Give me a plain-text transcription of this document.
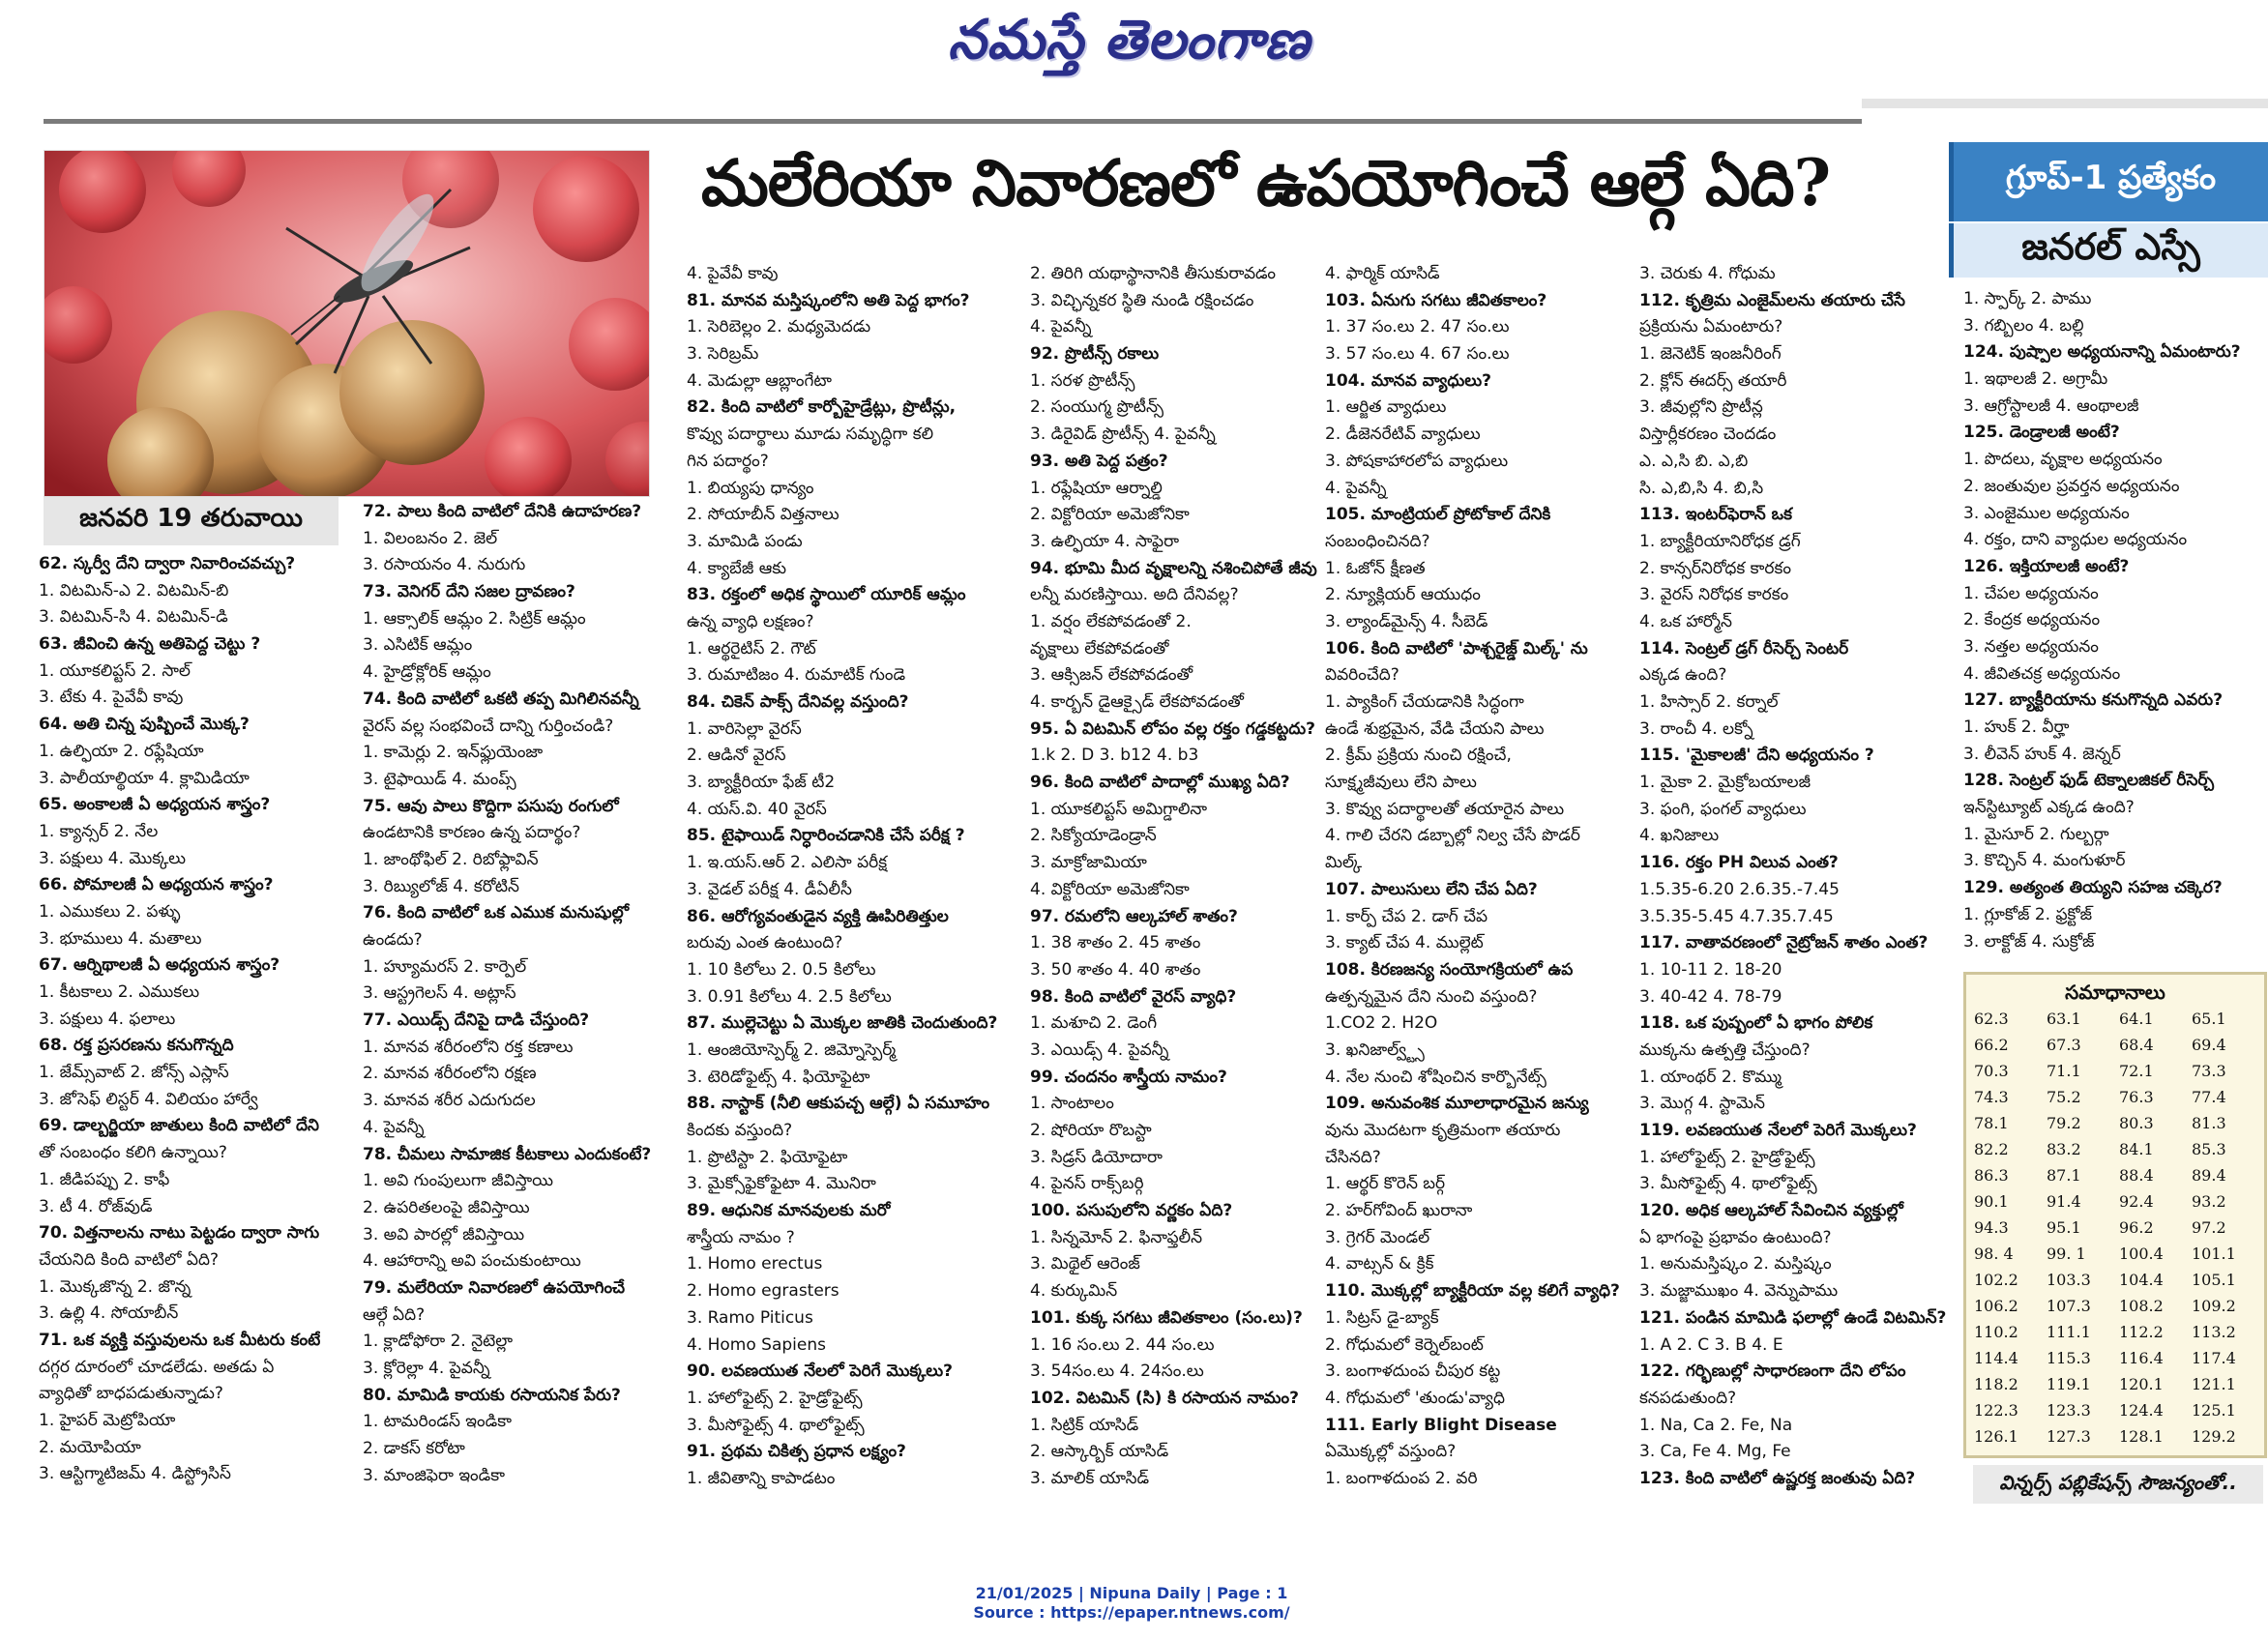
నమస్తే తెలంగాణ
మలేరియా నివారణలో ఉపయోగించే ఆల్గే ఏది?	గ్రూప్-1 ప్రత్యేకం
జనరల్ ఎస్సే
జనవరి 19 తరువాయి
62. స్కర్వీ దేని ద్వారా నివారించవచ్చు?
1. విటమిన్-ఎ 2. విటమిన్-బి
3. విటమిన్-సి 4. విటమిన్-డి
63. జీవించి ఉన్న అతిపెద్ద చెట్టు ?
1. యూకలిప్టస్ 2. సాల్
3. టేకు 4. పైవేవీ కావు
64. అతి చిన్న పుష్పించే మొక్క?
1. ఉల్ఫియా 2. రఫ్లేషియా
3. పాలీయాల్థియా 4. క్లామిడియా
65. అంకాలజీ ఏ అధ్యయన శాస్త్రం?
1. క్యాన్సర్ 2. నేల
3. పక్షులు 4. మొక్కలు
66. పోమాలజీ ఏ అధ్యయన శాస్త్రం?
1. ఎముకలు 2. పళ్ళు
3. భూములు 4. మతాలు
67. ఆర్నిథాలజీ ఏ అధ్యయన శాస్త్రం?
1. కీటకాలు 2. ఎముకలు
3. పక్షులు 4. ఫలాలు
68. రక్త ప్రసరణను కనుగొన్నది
1. జేమ్స్‌వాట్ 2. జోన్స్ ఎస్లాస్
3. జోసెఫ్ లిస్టర్ 4. విలియం హార్వే
69. డాల్బర్జియా జాతులు కింది వాటిలో దేని
తో సంబంధం కలిగి ఉన్నాయి?
1. జీడిపప్పు 2. కాఫీ
3. టీ 4. రోజ్‌వుడ్
70. విత్తనాలను నాటు పెట్టడం ద్వారా సాగు
చేయనిది కింది వాటిలో ఏది?
1. మొక్కజొన్న 2. జొన్న
3. ఉల్లి 4. సోయాబీన్
71. ఒక వ్యక్తి వస్తువులను ఒక మీటరు కంటే
దగ్గర దూరంలో చూడలేడు. అతడు ఏ
వ్యాధితో బాధపడుతున్నాడు?
1. హైపర్ మెట్రోపియా
2. మయోపియా
3. ఆస్టిగ్మాటిజమ్ 4. డిస్ట్రోసిస్
72. పాలు కింది వాటిలో దేనికి ఉదాహరణ?
1. విలంబనం 2. జెల్
3. రసాయనం 4. నురుగు
73. వెనిగర్ దేని సజల ద్రావణం?
1. ఆక్సాలిక్ ఆమ్లం 2. సిట్రిక్ ఆమ్లం
3. ఎసిటిక్ ఆమ్లం
4. హైడ్రోక్లోరిక్ ఆమ్లం
74. కింది వాటిలో ఒకటి తప్ప మిగిలినవన్నీ
వైరస్ వల్ల సంభవించే దాన్ని గుర్తించండి?
1. కామెర్లు 2. ఇన్‌ఫ్లుయెంజా
3. టైఫాయిడ్ 4. మంప్స్
75. ఆవు పాలు కొద్దిగా పసుపు రంగులో
ఉండటానికి కారణం ఉన్న పదార్థం?
1. జాంథోఫిల్ 2. రిబోఫ్లావిన్
3. రిబ్యులోజ్ 4. కరోటిన్
76. కింది వాటిలో ఒక ఎముక మనుషుల్లో
ఉండదు?
1. హ్యూమరస్ 2. కార్పెల్
3. ఆస్ట్రగెలస్ 4. అట్లాస్
77. ఎయిడ్స్ దేనిపై దాడి చేస్తుంది?
1. మానవ శరీరంలోని రక్త కణాలు
2. మానవ శరీరంలోని రక్షణ
3. మానవ శరీర ఎదుగుదల
4. పైవన్నీ
78. చీమలు సామాజిక కీటకాలు ఎందుకంటే?
1. అవి గుంపులుగా జీవిస్తాయి
2. ఉపరితలంపై జీవిస్తాయి
3. అవి పారల్లో జీవిస్తాయి
4. ఆహారాన్ని అవి పంచుకుంటాయి
79. మలేరియా నివారణలో ఉపయోగించే
ఆల్గే ఏది?
1. క్లాడోఫోరా 2. నైటెల్లా
3. క్లోరెల్లా 4. పైవన్నీ
80. మామిడి కాయకు రసాయనిక పేరు?
1. టామరిండస్ ఇండికా
2. డాకస్ కరోటా
3. మాంజిఫెరా ఇండికా
4. పైవేవీ కావు
81. మానవ మస్తిష్కంలోని అతి పెద్ద భాగం?
1. సెరిబెల్లం 2. మధ్యమెదడు
3. సెరిబ్రమ్
4. మెడుల్లా ఆబ్లాంగేటా
82. కింది వాటిలో కార్బోహైడ్రేట్లు, ప్రొటీన్లు,
కొవ్వు పదార్థాలు మూడు సమృద్ధిగా కలి
గిన పదార్థం?
1. బియ్యపు ధాన్యం
2. సోయాబీన్ విత్తనాలు
3. మామిడి పండు
4. క్యాబేజీ ఆకు
83. రక్తంలో అధిక స్థాయిలో యూరిక్ ఆమ్లం
ఉన్న వ్యాధి లక్షణం?
1. ఆర్థరైటిస్ 2. గౌట్
3. రుమాటిజం 4. రుమాటిక్ గుండె
84. చికెన్ పాక్స్ దేనివల్ల వస్తుంది?
1. వారిసెల్లా వైరస్
2. ఆడినో వైరస్
3. బ్యాక్టీరియా ఫేజ్ టీ2
4. యస్.వి. 40 వైరస్
85. టైఫాయిడ్ నిర్ధారించడానికి చేసే పరీక్ష ?
1. ఇ.యస్.ఆర్ 2. ఎలిసా పరీక్ష
3. వైడల్ పరీక్ష 4. డీఏలీసీ
86. ఆరోగ్యవంతుడైన వ్యక్తి ఊపిరితిత్తుల
బరువు ఎంత ఉంటుంది?
1. 10 కిలోలు 2. 0.5 కిలోలు
3. 0.91 కిలోలు 4. 2.5 కిలోలు
87. ముల్లెచెట్టు ఏ మొక్కల జాతికి చెందుతుంది?
1. ఆంజియోస్పెర్మ్ 2. జిమ్నోస్పెర్మ్
3. టెరిడోఫైట్స్ 4. ఫియోఫైటా
88. నాస్టాక్ (నీలి ఆకుపచ్చ ఆల్గే) ఏ సమూహం
కిందకు వస్తుంది?
1. ప్రొటిస్టా 2. ఫియోఫైటా
3. మైక్సోఫైకోఫైటా 4. మొనిరా
89. ఆధునిక మానవులకు మరో
శాస్త్రీయ నామం ?
1. Homo erectus
2. Homo egrasters
3. Ramo Piticus
4. Homo Sapiens
90. లవణయుత నేలలో పెరిగే మొక్కలు?
1. హాలోఫైట్స్ 2. హైడ్రోఫైట్స్
3. మీసోఫైట్స్ 4. థాలోఫైట్స్
91. ప్రథమ చికిత్స ప్రధాన లక్ష్యం?
1. జీవితాన్ని కాపాడటం
2. తిరిగి యథాస్థానానికి తీసుకురావడం
3. విచ్ఛిన్నకర స్థితి నుండి రక్షించడం
4. పైవన్నీ
92. ప్రొటీన్స్ రకాలు
1. సరళ ప్రొటీన్స్
2. సంయుగ్మ ప్రొటీన్స్
3. డిరైవిడ్ ప్రొటీన్స్ 4. పైవన్నీ
93. అతి పెద్ద పత్రం?
1. రఫ్లేషియా ఆర్నాల్డి
2. విక్టోరియా అమెజోనికా
3. ఉల్ఫియా 4. సాఫైరా
94. భూమి మీద వృక్షాలన్ని నశించిపోతే జీవు
లన్నీ మరణిస్తాయి. అది దేనివల్ల?
1. వర్షం లేకపోవడంతో 2.
వృక్షాలు లేకపోవడంతో
3. ఆక్సిజన్ లేకపోవడంతో
4. కార్బన్ డైఆక్సైడ్ లేకపోవడంతో
95. ఏ విటమిన్ లోపం వల్ల రక్తం గడ్డకట్టదు?
1.k 2. D 3. b12 4. b3
96. కింది వాటిలో పాదాల్లో ముఖ్య ఏది?
1. యూకలిప్టస్ అమిగ్డాలినా
2. సిక్యోయాడెండ్రాన్
3. మాక్రోజామియా
4. విక్టోరియా అమెజోనికా
97. రమలోని ఆల్కహాల్ శాతం?
1. 38 శాతం 2. 45 శాతం
3. 50 శాతం 4. 40 శాతం
98. కింది వాటిలో వైరస్ వ్యాధి?
1. మశూచి 2. డెంగీ
3. ఎయిడ్స్ 4. పైవన్నీ
99. చందనం శాస్త్రీయ నామం?
1. సాంటాలం
2. షోరియా రొబస్టా
3. సిడ్రస్ డియోదారా
4. పైనస్ రాక్స్‌బర్గి
100. పసుపులోని వర్ణకం ఏది?
1. సిన్నమోన్ 2. ఫినాఫ్తలీన్
3. మిథైల్ ఆరెంజ్
4. కుర్కుమిన్
101. కుక్క సగటు జీవితకాలం (సం.లు)?
1. 16 సం.లు 2. 44 సం.లు
3. 54సం.లు 4. 24సం.లు
102. విటమిన్ (సి) కి రసాయన నామం?
1. సిట్రిక్ యాసిడ్
2. ఆస్కార్బిక్ యాసిడ్
3. మాలిక్ యాసిడ్
4. ఫార్మిక్ యాసిడ్
103. ఏనుగు సగటు జీవితకాలం?
1. 37 సం.లు 2. 47 సం.లు
3. 57 సం.లు 4. 67 సం.లు
104. మానవ వ్యాధులు?
1. ఆర్జిత వ్యాధులు
2. డీజెనరేటివ్ వ్యాధులు
3. పోషకాహారలోప వ్యాధులు
4. పైవన్నీ
105. మాంట్రియల్ ప్రోటోకాల్ దేనికి
సంబంధించినది?
1. ఓజోన్ క్షీణత
2. న్యూక్లియర్ ఆయుధం
3. ల్యాండ్‌మైన్స్ 4. సీబెడ్
106. కింది వాటిలో 'పాశ్చరైజ్డ్ మిల్క్' ను
వివరించేది?
1. ప్యాకింగ్ చేయడానికి సిద్ధంగా
ఉండే శుభ్రమైన, వేడి చేయని పాలు
2. క్రీమ్ ప్రక్రియ నుంచి రక్షించే,
సూక్ష్మజీవులు లేని పాలు
3. కొవ్వు పదార్థాలతో తయారైన పాలు
4. గాలి చేరని డబ్బాల్లో నిల్వ చేసే పొడర్
మిల్క్
107. పాలుసులు లేని చేప ఏది?
1. కార్ప్ చేప 2. డాగ్ చేప
3. క్యాట్ చేప 4. ముల్లెట్
108. కిరణజన్య సంయోగక్రియలో ఉప
ఉత్పన్నమైన దేని నుంచి వస్తుంది?
1.CO2 2. H2O
3. ఖనిజాల్వ్ట్స్
4. నేల నుంచి శోషించిన కార్బొనేట్స్
109. అనువంశిక మూలాధారమైన జన్యు
వును మొదటగా కృత్రిమంగా తయారు
చేసినది?
1. ఆర్థర్ కొరెన్ బర్గ్
2. హర్‌గోవింద్ ఖురానా
3. గ్రెగర్ మెండల్
4. వాట్సన్ & క్రిక్
110. మొక్కల్లో బ్యాక్టీరియా వల్ల కలిగే వ్యాధి?
1. సిట్రస్ డై-బ్యాక్
2. గోధుమలో కెర్నెల్‌బంట్
3. బంగాళదుంప చీపుర కట్ట
4. గోధుమలో 'తుండు'వ్యాధి
111. Early Blight Disease
ఏమొక్కల్లో వస్తుంది?
1. బంగాళదుంప 2. వరి
3. చెరుకు 4. గోధుమ
112. కృత్రిమ ఎంజైమ్‌లను తయారు చేసే
ప్రక్రియను ఏమంటారు?
1. జెనెటిక్ ఇంజనీరింగ్
2. క్లోన్ ఈదర్స్ తయారీ
3. జీవుల్లోని ప్రొటీన్ల
విస్తార్లీకరణం చెందడం
ఎ. ఎ,సి బి. ఎ,బి
సి. ఎ,బి,సి 4. బి,సి
113. ఇంటర్‌ఫెరాన్ ఒక
1. బ్యాక్టీరియానిరోధక డ్రగ్
2. కాన్సర్‌నిరోధక కారకం
3. వైరస్ నిరోధక కారకం
4. ఒక హార్మోన్
114. సెంట్రల్ డ్రగ్ రీసెర్చ్ సెంటర్
ఎక్కడ ఉంది?
1. హిస్సార్ 2. కర్నాల్
3. రాంచీ 4. లక్నో
115. 'మైకాలజీ' దేని అధ్యయనం ?
1. మైకా 2. మైక్రోబయాలజీ
3. ఫంగి, ఫంగల్ వ్యాధులు
4. ఖనిజాలు
116. రక్తం PH విలువ ఎంత?
1.5.35-6.20 2.6.35.-7.45
3.5.35-5.45 4.7.35.7.45
117. వాతావరణంలో నైట్రోజన్ శాతం ఎంత?
1. 10-11 2. 18-20
3. 40-42 4. 78-79
118. ఒక పుష్పంలో ఏ భాగం పోలిక
ముక్కను ఉత్పత్తి చేస్తుంది?
1. యాంథర్ 2. కొమ్ము
3. మొగ్గ 4. స్టామెన్
119. లవణయుత నేలలో పెరిగే మొక్కలు?
1. హాలోఫైట్స్ 2. హైడ్రోఫైట్స్
3. మీసోఫైట్స్ 4. థాలోఫైట్స్
120. అధిక ఆల్కహాల్ సేవించిన వ్యక్తుల్లో
ఏ భాగంపై ప్రభావం ఉంటుంది?
1. అనుమస్తిష్కం 2. మస్తిష్కం
3. మజ్జాముఖం 4. వెన్నుపాము
121. పండిన మామిడి ఫలాల్లో ఉండే విటమిన్?
1. A 2. C 3. B 4. E
122. గర్భిణుల్లో సాధారణంగా దేని లోపం
కనపడుతుంది?
1. Na, Ca 2. Fe, Na
3. Ca, Fe 4. Mg, Fe
123. కింది వాటిలో ఉష్ణరక్త జంతువు ఏది?
1. స్పార్క్ 2. పాము
3. గబ్బిలం 4. బల్లి
124. పుష్పాల అధ్యయనాన్ని ఏమంటారు?
1. ఇథాలజీ 2. అగ్రామీ
3. ఆగ్రోస్టాలజీ 4. ఆంథాలజీ
125. డెండ్రాలజీ అంటే?
1. పొదలు, వృక్షాల అధ్యయనం
2. జంతువుల ప్రవర్తన అధ్యయనం
3. ఎంజైముల అధ్యయనం
4. రక్తం, దాని వ్యాధుల అధ్యయనం
126. ఇక్తియాలజీ అంటే?
1. చేపల అధ్యయనం
2. కేంద్రక అధ్యయనం
3. నత్తల అధ్యయనం
4. జీవితచక్ర అధ్యయనం
127. బ్యాక్టీరియాను కనుగొన్నది ఎవరు?
1. హుక్ 2. వీర్హా
3. లీవెన్ హుక్ 4. జెన్నర్
128. సెంట్రల్ ఫుడ్ టెక్నాలజికల్ రీసెర్చ్
ఇన్‌స్టిట్యూట్ ఎక్కడ ఉంది?
1. మైసూర్ 2. గుల్బర్గా
3. కొచ్చిన్ 4. మంగుళూర్
129. అత్యంత తియ్యని సహజ చక్కెర?
1. గ్లూకోజ్ 2. ఫ్రక్టోజ్
3. లాక్టోజ్ 4. సుక్రోజ్
సమాధానాలు
62.3 63.1 64.1 65.1
66.2 67.3 68.4 69.4
70.3 71.1 72.1 73.3
74.3 75.2 76.3 77.4
78.1 79.2 80.3 81.3
82.2 83.2 84.1 85.3
86.3 87.1 88.4 89.4
90.1 91.4 92.4 93.2
94.3 95.1 96.2 97.2
98. 4 99. 1 100.4 101.1
102.2 103.3 104.4 105.1
106.2 107.3 108.2 109.2
110.2 111.1 112.2 113.2
114.4 115.3 116.4 117.4
118.2 119.1 120.1 121.1
122.3 123.3 124.4 125.1
126.1 127.3 128.1 129.2
విన్నర్స్ పబ్లికేషన్స్ సౌజన్యంతో..
21/01/2025 | Nipuna Daily | Page : 1
Source : https://epaper.ntnews.com/
